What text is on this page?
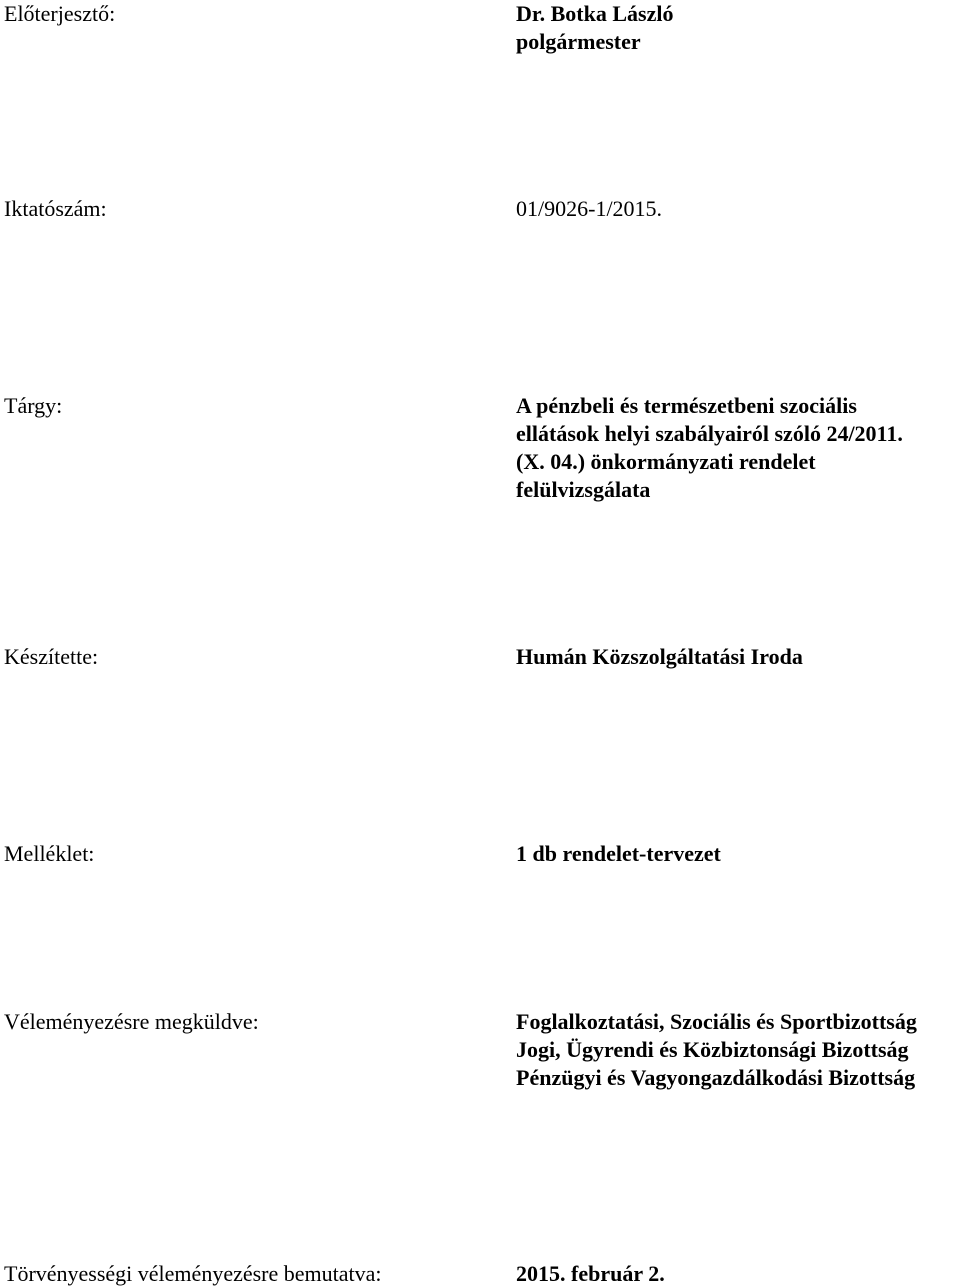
Előterjesztő:	Dr. Botka László
polgármester
Iktatószám:	01/9026-1/2015.
Tárgy:	A pénzbeli és természetbeni szociális
ellátások helyi szabályairól szóló 24/2011.
(X. 04.) önkormányzati rendelet
felülvizsgálata
Készítette:	Humán Közszolgáltatási Iroda
Melléklet:	1 db rendelet-tervezet
Véleményezésre megküldve:	Foglalkoztatási, Szociális és Sportbizottság
Jogi, Ügyrendi és Közbiztonsági Bizottság
Pénzügyi és Vagyongazdálkodási Bizottság
Törvényességi véleményezésre bemutatva:	2015. február 2.
